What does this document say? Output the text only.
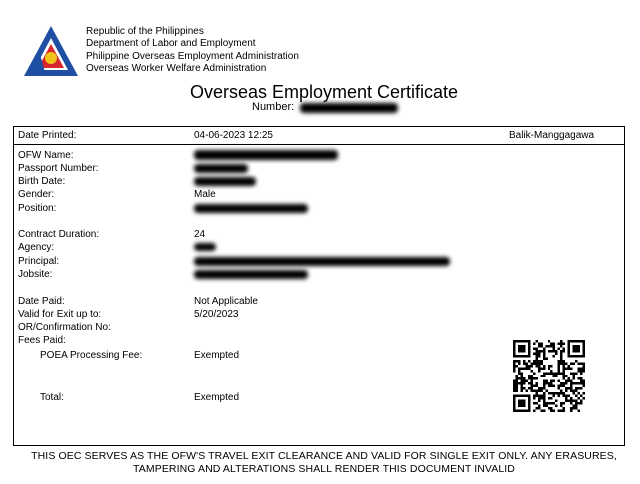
Republic of the Philippines
Department of Labor and Employment
Philippine Overseas Employment Administration
Overseas Worker Welfare Administration
Overseas Employment Certificate
Number:
Date Printed:	04-06-2023 12:25	Balik-Manggagawa
OFW Name:
Passport Number:
Birth Date:
Gender:	Male
Position:
Contract Duration:	24
Agency:
Principal:
Jobsite:
Date Paid:	Not Applicable
Valid for Exit up to:	5/20/2023
OR/Confirmation No:
Fees Paid:
POEA Processing Fee:	Exempted
Total:	Exempted
THIS OEC SERVES AS THE OFW'S TRAVEL EXIT CLEARANCE AND VALID FOR SINGLE EXIT ONLY. ANY ERASURES,
TAMPERING AND ALTERATIONS SHALL RENDER THIS DOCUMENT INVALID
